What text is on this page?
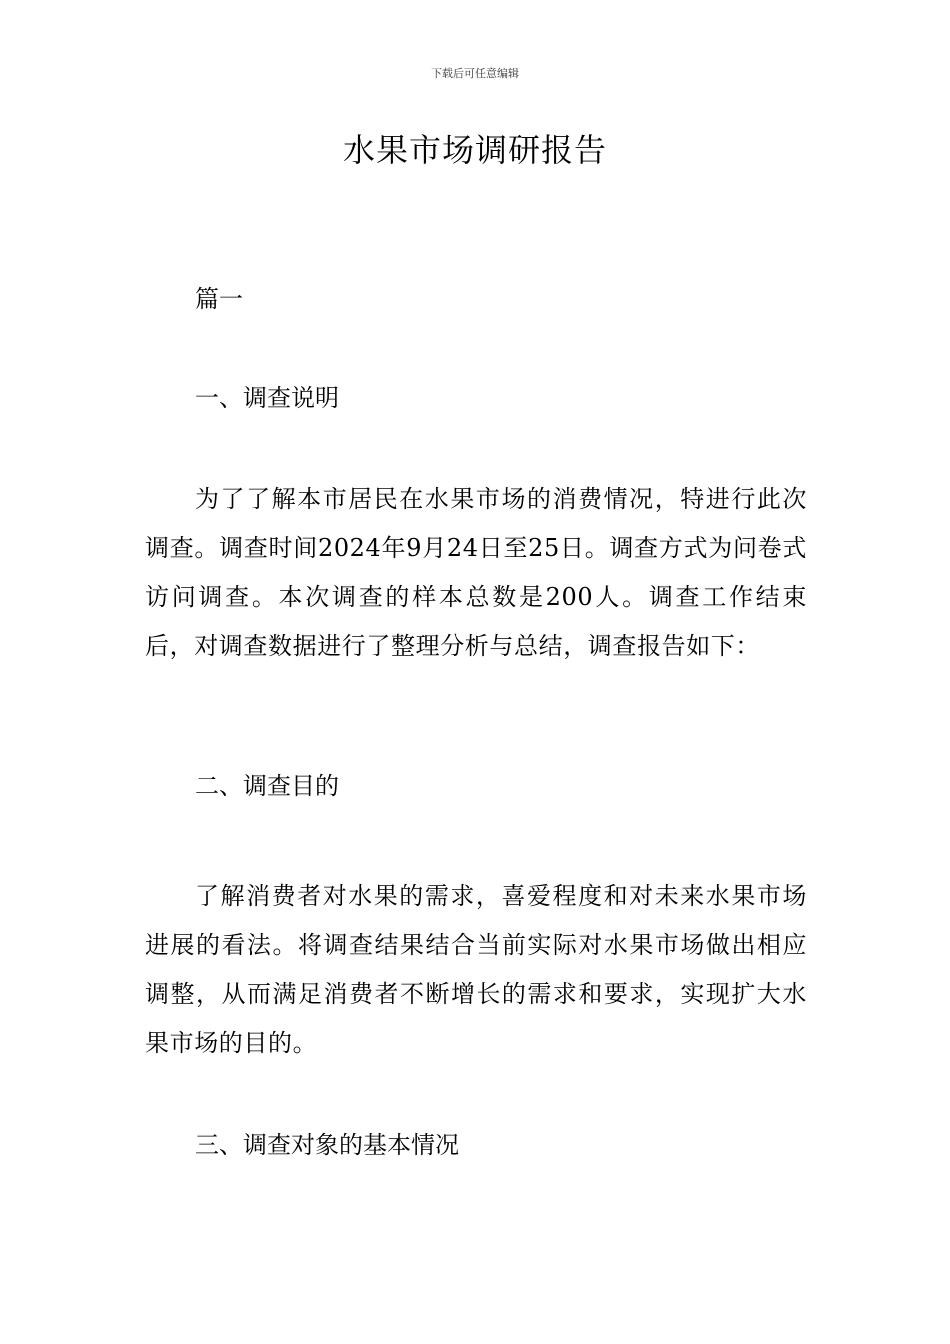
下载后可任意编辑
水果市场调研报告

篇一

一、调查说明

为了了解本市居民在水果市场的消费情况，特进行此次调查。调查时间2024年9月24日至25日。调查方式为问卷式访问调查。本次调查的样本总数是200人。调查工作结束后，对调查数据进行了整理分析与总结，调查报告如下：

二、调查目的

了解消费者对水果的需求，喜爱程度和对未来水果市场进展的看法。将调查结果结合当前实际对水果市场做出相应调整，从而满足消费者不断增长的需求和要求，实现扩大水果市场的目的。

三、调查对象的基本情况
